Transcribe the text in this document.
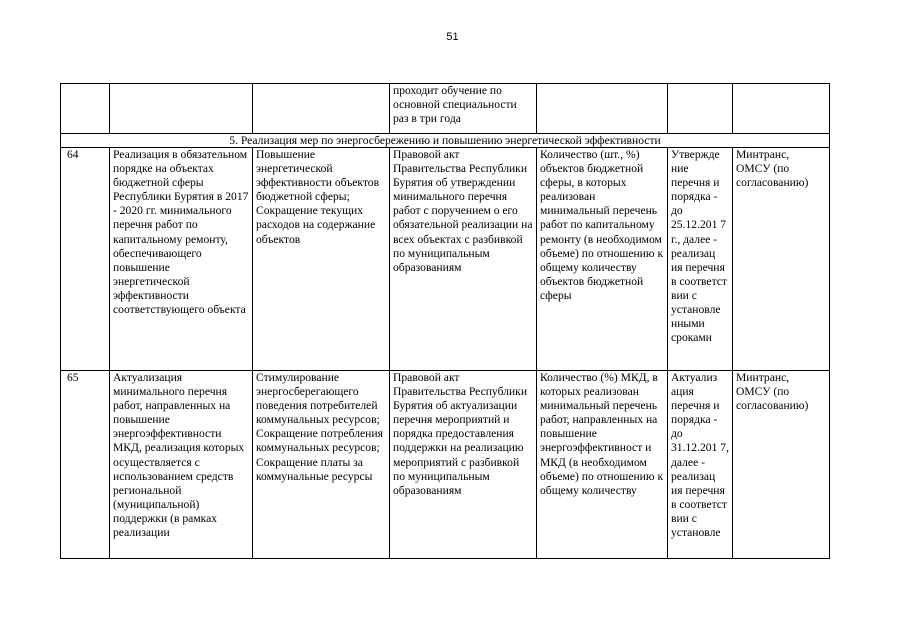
51
			проходит обучение по основной специальности раз в три года			
5. Реализация мер по энергосбережению и повышению энергетической эффективности						
64	Реализация в обязательном порядке на объектах бюджетной сферы Республики Бурятия в 2017 - 2020 гг. минимального перечня работ по капитальному ремонту, обеспечивающего повышение энергетической эффективности соответствующего объекта	Повышение энергетической эффективности объектов бюджетной сферы; Сокращение текущих расходов на содержание объектов	Правовой акт Правительства Республики Бурятия об утверждении минимального перечня работ с поручением о его обязательной реализации на всех объектах с разбивкой по муниципальным образованиям	Количество (шт., %) объектов бюджетной сферы, в которых реализован минимальный перечень работ по капитальному ремонту (в необходимом объеме) по отношению к общему количеству объектов бюджетной сферы	Утвержде ние перечня и порядка - до 25.12.201 7 г., далее - реализац ия перечня в соответст вии с установле нными сроками	Минтранс, ОМСУ (по согласованию)
65	Актуализация минимального перечня работ, направленных на повышение энергоэффективности МКД, реализация которых осуществляется с использованием средств региональной (муниципальной) поддержки (в рамках реализации	Стимулирование энергосберегающего поведения потребителей коммунальных ресурсов; Сокращение потребления коммунальных ресурсов; Сокращение платы за коммунальные ресурсы	Правовой акт Правительства Республики Бурятия об актуализации перечня мероприятий и порядка предоставления поддержки на реализацию мероприятий с разбивкой по муниципальным образованиям	Количество (%) МКД, в которых реализован минимальный перечень работ, направленных на повышение энергоэффективност и МКД (в необходимом объеме) по отношению к общему количеству	Актуализ ация перечня и порядка - до 31.12.201 7, далее - реализац ия перечня в соответст вии с установле	Минтранс, ОМСУ (по согласованию)
